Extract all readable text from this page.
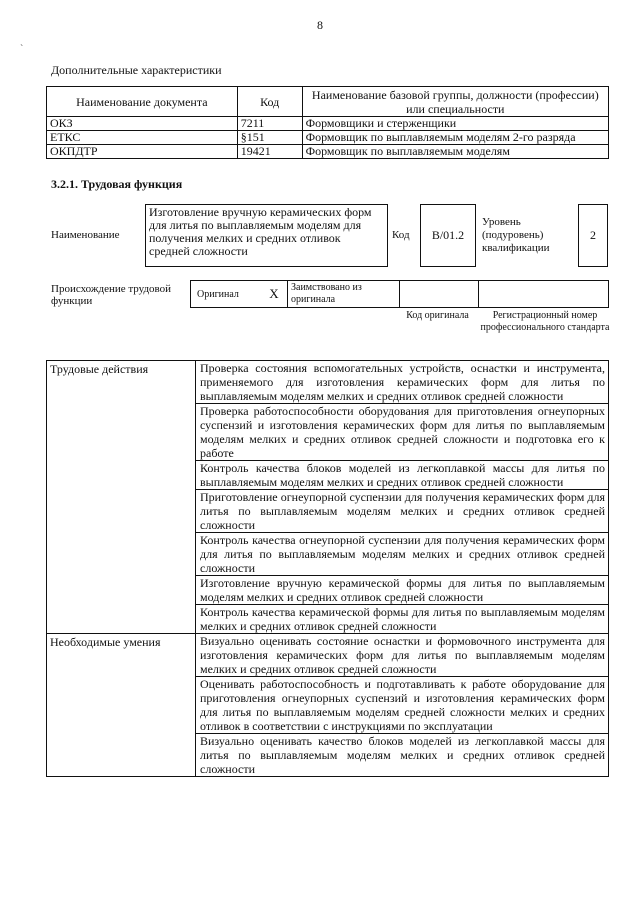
8
`
Дополнительные характеристики
Наименование документа	Код	Наименование базовой группы, должности (профессии) или специальности
ОКЗ	7211	Формовщики и стерженщики
ЕТКС	§151	Формовщик по выплавляемым моделям 2-го разряда
ОКПДТР	19421	Формовщик по выплавляемым моделям
3.2.1. Трудовая функция
Наименование
Изготовление вручную керамических форм для литья по выплавляемым моделям для получения мелких и средних отливок средней сложности
Код	В/01.2
Уровень (подуровень) квалификации
2
Происхождение трудовой функции
Оригинал	X	Заимствовано из оригинала
Код оригинала	Регистрационный номер профессионального стандарта
Трудовые действия	Проверка состояния вспомогательных устройств, оснастки и инструмента, применяемого для изготовления керамических форм для литья по выплавляемым моделям мелких и средних отливок средней сложности
	Проверка работоспособности оборудования для приготовления огнеупорных суспензий и изготовления керамических форм для литья по выплавляемым моделям мелких и средних отливок средней сложности и подготовка его к работе
	Контроль качества блоков моделей из легкоплавкой массы для литья по выплавляемым моделям мелких и средних отливок средней сложности
	Приготовление огнеупорной суспензии для получения керамических форм для литья по выплавляемым моделям мелких и средних отливок средней сложности
	Контроль качества огнеупорной суспензии для получения керамических форм для литья по выплавляемым моделям мелких и средних отливок средней сложности
	Изготовление вручную керамической формы для литья по выплавляемым моделям мелких и средних отливок средней сложности
	Контроль качества керамической формы для литья по выплавляемым моделям мелких и средних отливок средней сложности
Необходимые умения	Визуально оценивать состояние оснастки и формовочного инструмента для изготовления керамических форм для литья по выплавляемым моделям мелких и средних отливок средней сложности
	Оценивать работоспособность и подготавливать к работе оборудование для приготовления огнеупорных суспензий и изготовления керамических форм для литья по выплавляемым моделям средней сложности мелких и средних отливок в соответствии с инструкциями по эксплуатации
	Визуально оценивать качество блоков моделей из легкоплавкой массы для литья по выплавляемым моделям мелких и средних отливок средней сложности
